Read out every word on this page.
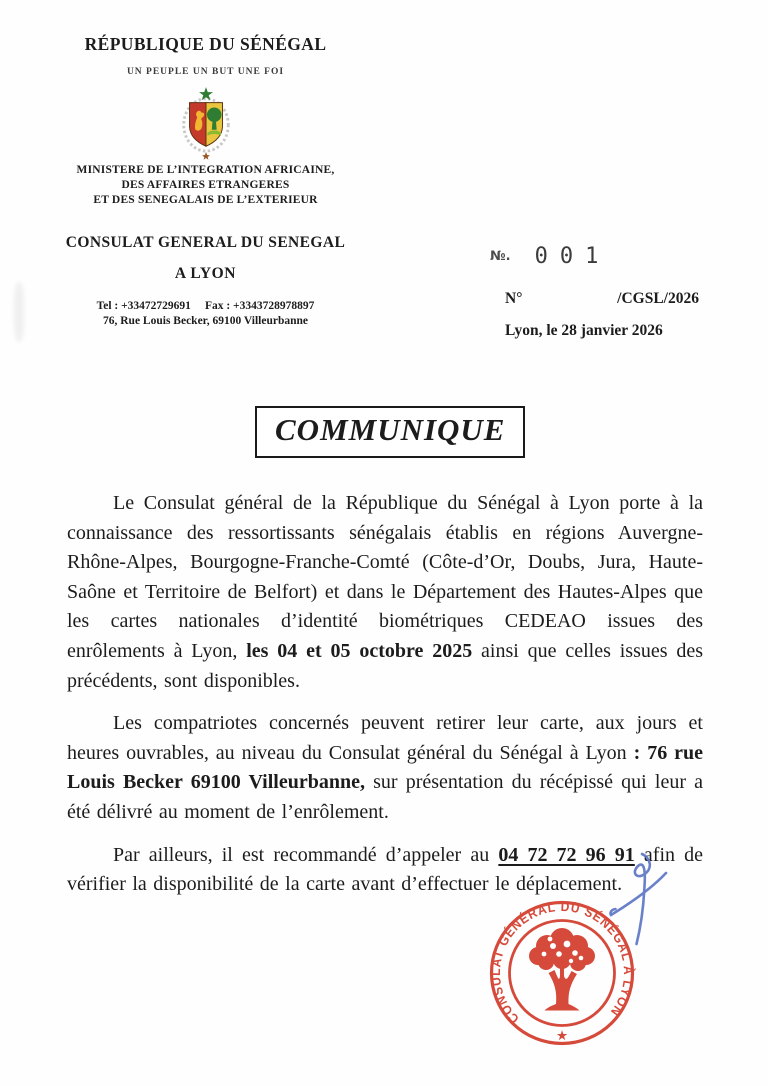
RÉPUBLIQUE DU SÉNÉGAL
UN PEUPLE UN BUT UNE FOI
MINISTERE DE L’INTEGRATION AFRICAINE,
DES AFFAIRES ETRANGERES
ET DES SENEGALAIS DE L’EXTERIEUR
CONSULAT GENERAL DU SENEGAL
A LYON
Tel : +33472729691 Fax : +3343728978897
76, Rue Louis Becker, 69100 Villeurbanne
№. 001
N°	/CGSL/2026
Lyon, le 28 janvier 2026
COMMUNIQUE

Le Consulat général de la République du Sénégal à Lyon porte à la connaissance des ressortissants sénégalais établis en régions Auvergne-Rhône-Alpes, Bourgogne-Franche-Comté (Côte-d’Or, Doubs, Jura, Haute-Saône et Territoire de Belfort) et dans le Département des Hautes-Alpes que les cartes nationales d’identité biométriques CEDEAO issues des enrôlements à Lyon, les 04 et 05 octobre 2025 ainsi que celles issues des précédents, sont disponibles.

Les compatriotes concernés peuvent retirer leur carte, aux jours et heures ouvrables, au niveau du Consulat général du Sénégal à Lyon : 76 rue Louis Becker 69100 Villeurbanne, sur présentation du récépissé qui leur a été délivré au moment de l’enrôlement.

Par ailleurs, il est recommandé d’appeler au 04 72 72 96 91 afin de vérifier la disponibilité de la carte avant d’effectuer le déplacement.

CONSULAT GÉNÉRAL DU SÉNÉGAL À LYON
★
